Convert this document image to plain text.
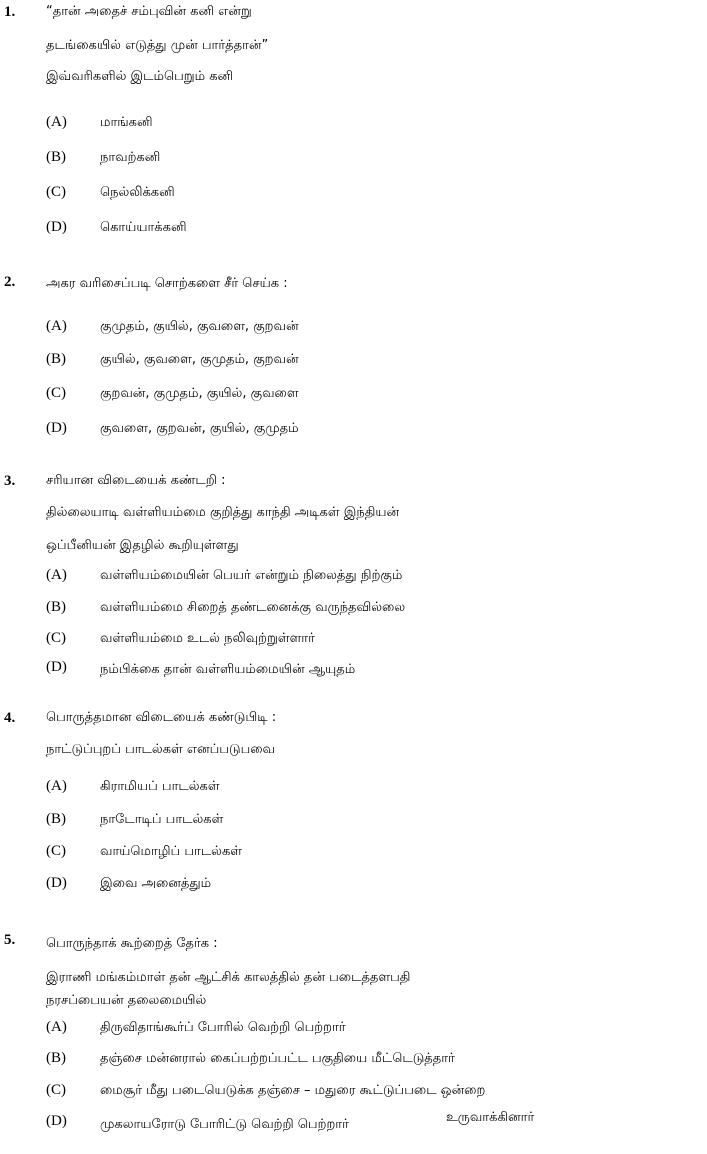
1. “தான் அதைச் சம்புவின் கனி என்று
தடங்கையில் எடுத்து முன் பார்த்தான்”
இவ்வரிகளில் இடம்பெறும் கனி
(A)	மாங்கனி
(B)	நாவற்கனி
(C)	நெல்லிக்கனி
(D)	கொய்யாக்கனி
2. அகர வரிசைப்படி சொற்களை சீர் செய்க :
(A)	குமுதம், குயில், குவளை, குறவன்
(B)	குயில், குவளை, குமுதம், குறவன்
(C)	குறவன், குமுதம், குயில், குவளை
(D)	குவளை, குறவன், குயில், குமுதம்
3. சரியான விடையைக் கண்டறி :
தில்லையாடி வள்ளியம்மை குறித்து காந்தி அடிகள் இந்தியன்
ஒப்பீனியன் இதழில் கூறியுள்ளது
(A)	வள்ளியம்மையின் பெயர் என்றும் நிலைத்து நிற்கும்
(B)	வள்ளியம்மை சிறைத் தண்டனைக்கு வருந்தவில்லை
(C)	வள்ளியம்மை உடல் நலிவுற்றுள்ளார்
(D)	நம்பிக்கை தான் வள்ளியம்மையின் ஆயுதம்
4. பொருத்தமான விடையைக் கண்டுபிடி :
நாட்டுப்புறப் பாடல்கள் எனப்படுபவை
(A)	கிராமியப் பாடல்கள்
(B)	நாடோடிப் பாடல்கள்
(C)	வாய்மொழிப் பாடல்கள்
(D)	இவை அனைத்தும்
5. பொருந்தாக் கூற்றைத் தேர்க :
இராணி மங்கம்மாள் தன் ஆட்சிக் காலத்தில் தன் படைத்தளபதி
நரசப்பையன் தலைமையில்
(A)	திருவிதாங்கூர்ப் போரில் வெற்றி பெற்றார்
(B)	தஞ்சை மன்னரால் கைப்பற்றப்பட்ட பகுதியை மீட்டெடுத்தார்
(C)	மைசூர் மீது படையெடுக்க தஞ்சை – மதுரை கூட்டுப்படை ஒன்றை
உருவாக்கினார்
(D)	முகலாயரோடு போரிட்டு வெற்றி பெற்றார்
